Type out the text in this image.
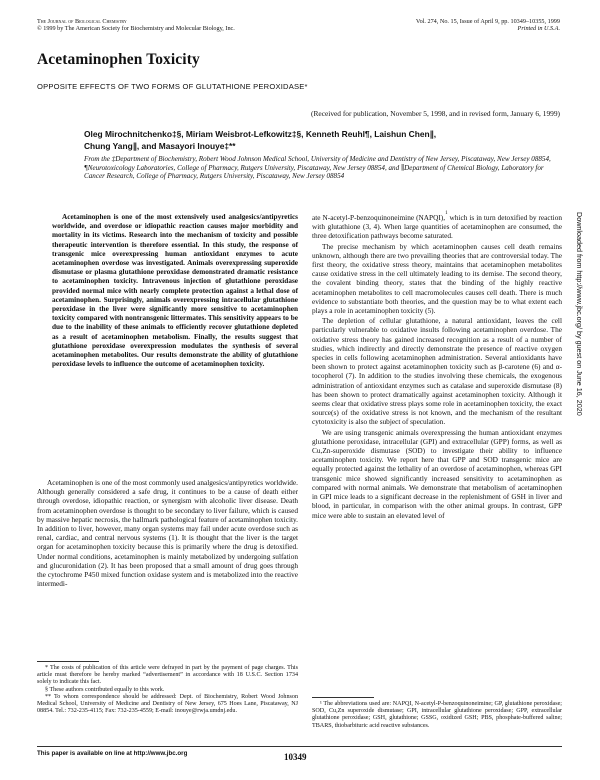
The Journal of Biological Chemistry
© 1999 by The American Society for Biochemistry and Molecular Biology, Inc.
Vol. 274, No. 15, Issue of April 9, pp. 10349–10355, 1999
Printed in U.S.A.
Acetaminophen Toxicity
OPPOSITE EFFECTS OF TWO FORMS OF GLUTATHIONE PEROXIDASE*
(Received for publication, November 5, 1998, and in revised form, January 6, 1999)
Oleg Mirochnitchenko‡§, Miriam Weisbrot-Lefkowitz‡§, Kenneth Reuhl¶, Laishun Chen∥,
Chung Yang∥, and Masayori Inouye‡**
From the ‡Department of Biochemistry, Robert Wood Johnson Medical School, University of Medicine and Dentistry of New Jersey, Piscataway, New Jersey 08854, ¶Neurotoxicology Laboratories, College of Pharmacy, Rutgers University, Piscataway, New Jersey 08854, and ∥Department of Chemical Biology, Laboratory for Cancer Research, College of Pharmacy, Rutgers University, Piscataway, New Jersey 08854
Acetaminophen is one of the most extensively used analgesics/antipyretics worldwide, and overdose or idiopathic reaction causes major morbidity and mortality in its victims. Research into the mechanism of toxicity and possible therapeutic intervention is therefore essential. In this study, the response of transgenic mice overexpressing human antioxidant enzymes to acute acetaminophen overdose was investigated. Animals overexpressing superoxide dismutase or plasma glutathione peroxidase demonstrated dramatic resistance to acetaminophen toxicity. Intravenous injection of glutathione peroxidase provided normal mice with nearly complete protection against a lethal dose of acetaminophen. Surprisingly, animals overexpressing intracellular glutathione peroxidase in the liver were significantly more sensitive to acetaminophen toxicity compared with nontransgenic littermates. This sensitivity appears to be due to the inability of these animals to efficiently recover glutathione depleted as a result of acetaminophen metabolism. Finally, the results suggest that glutathione peroxidase overexpression modulates the synthesis of several acetaminophen metabolites. Our results demonstrate the ability of glutathione peroxidase levels to influence the outcome of acetaminophen toxicity.

Acetaminophen is one of the most commonly used analgesics/antipyretics worldwide. Although generally considered a safe drug, it continues to be a cause of death either through overdose, idiopathic reaction, or synergism with alcoholic liver disease. Death from acetaminophen overdose is thought to be secondary to liver failure, which is caused by massive hepatic necrosis, the hallmark pathological feature of acetaminophen toxicity. In addition to liver, however, many organ systems may fail under acute overdose such as renal, cardiac, and central nervous systems (1). It is thought that the liver is the target organ for acetaminophen toxicity because this is primarily where the drug is detoxified. Under normal conditions, acetaminophen is mainly metabolized by undergoing sulfation and glucuronidation (2). It has been proposed that a small amount of drug goes through the cytochrome P450 mixed function oxidase system and is metabolized into the reactive intermedi-

* The costs of publication of this article were defrayed in part by the payment of page charges. This article must therefore be hereby marked “advertisement” in accordance with 18 U.S.C. Section 1734 solely to indicate this fact.

§ These authors contributed equally to this work.

** To whom correspondence should be addressed: Dept. of Biochemistry, Robert Wood Johnson Medical School, University of Medicine and Dentistry of New Jersey, 675 Hoes Lane, Piscataway, NJ 08854. Tel.: 732-235-4115; Fax: 732-235-4559; E-mail: inouye@rwja.umdnj.edu.

ate N-acetyl-P-benzoquinoneimine (NAPQI),$^1$ which is in turn detoxified by reaction with glutathione (3, 4). When large quantities of acetaminophen are consumed, the three detoxification pathways become saturated.

The precise mechanism by which acetaminophen causes cell death remains unknown, although there are two prevailing theories that are controversial today. The first theory, the oxidative stress theory, maintains that acetaminophen metabolites cause oxidative stress in the cell ultimately leading to its demise. The second theory, the covalent binding theory, states that the binding of the highly reactive acetaminophen metabolites to cell macromolecules causes cell death. There is much evidence to substantiate both theories, and the question may be to what extent each plays a role in acetaminophen toxicity (5).

The depletion of cellular glutathione, a natural antioxidant, leaves the cell particularly vulnerable to oxidative insults following acetaminophen overdose. The oxidative stress theory has gained increased recognition as a result of a number of studies, which indirectly and directly demonstrate the presence of reactive oxygen species in cells following acetaminophen administration. Several antioxidants have been shown to protect against acetaminophen toxicity such as β-carotene (6) and α-tocopherol (7). In addition to the studies involving these chemicals, the exogenous administration of antioxidant enzymes such as catalase and superoxide dismutase (8) has been shown to protect dramatically against acetaminophen toxicity. Although it seems clear that oxidative stress plays some role in acetaminophen toxicity, the exact source(s) of the oxidative stress is not known, and the mechanism of the resultant cytotoxicity is also the subject of speculation.

We are using transgenic animals overexpressing the human antioxidant enzymes glutathione peroxidase, intracellular (GPI) and extracellular (GPP) forms, as well as Cu,Zn-superoxide dismutase (SOD) to investigate their ability to influence acetaminophen toxicity. We report here that GPP and SOD transgenic mice are equally protected against the lethality of an overdose of acetaminophen, whereas GPI transgenic mice showed significantly increased sensitivity to acetaminophen as compared with normal animals. We demonstrate that metabolism of acetaminophen in GPI mice leads to a significant decrease in the replenishment of GSH in liver and blood, in particular, in comparison with the other animal groups. In contrast, GPP mice were able to sustain an elevated level of

¹ The abbreviations used are: NAPQI, N-acetyl-P-benzoquinoneimine; GP, glutathione peroxidase; SOD, Cu,Zn superoxide dismutase; GPI, intracellular glutathione peroxidase; GPP, extracellular glutathione peroxidase; GSH, glutathione; GSSG, oxidized GSH; PBS, phosphate-buffered saline; TBARS, thiobarbituric acid reactive substances.

Downloaded from http://www.jbc.org/ by guest on June 16, 2020
This paper is available on line at http://www.jbc.org	10349
